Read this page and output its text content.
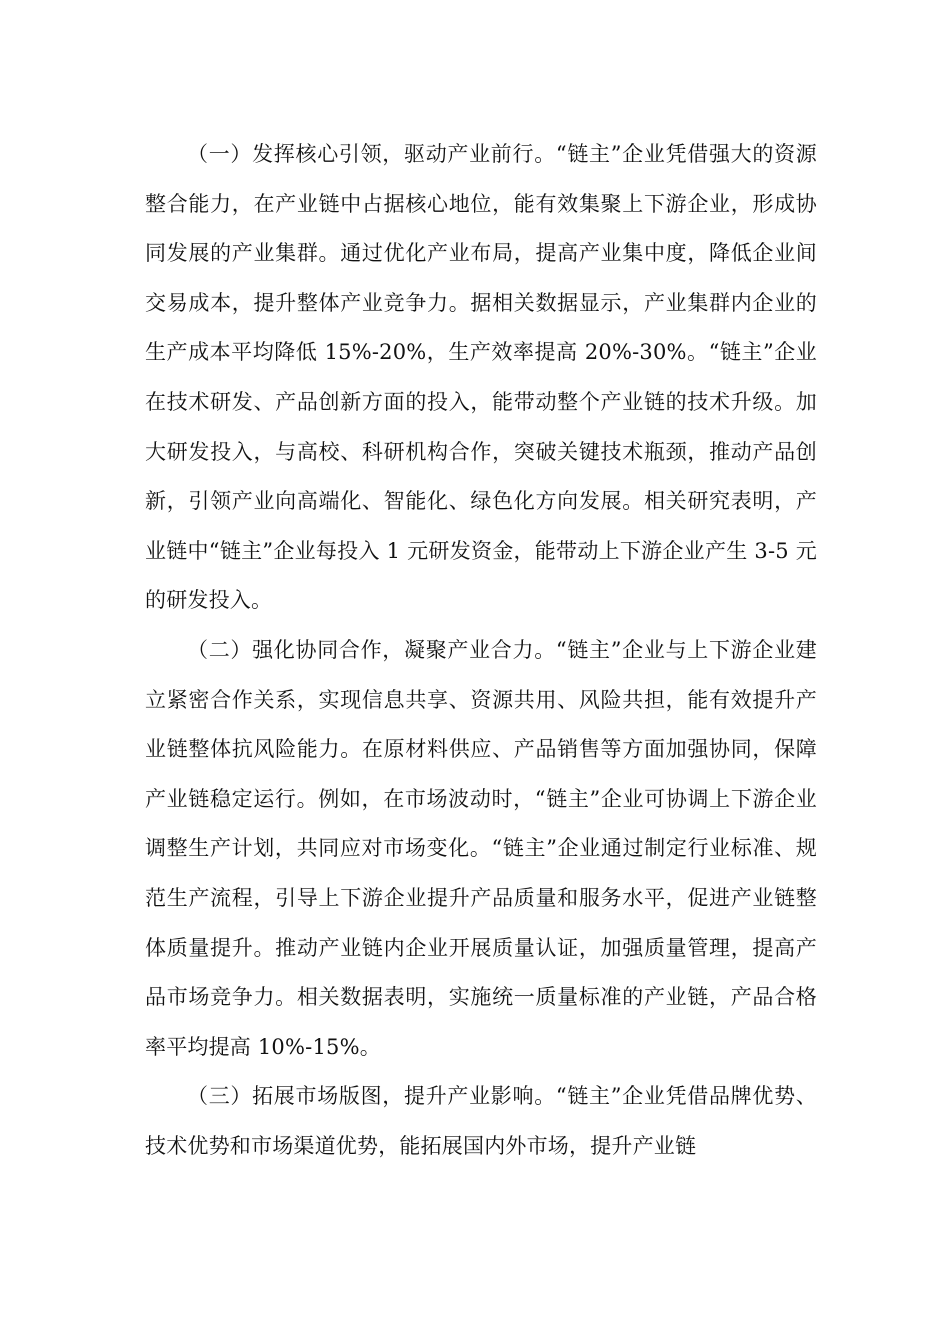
（一）发挥核心引领，驱动产业前行。“链主”企业凭借强大的资源整合能力，在产业链中占据核心地位，能有效集聚上下游企业，形成协同发展的产业集群。通过优化产业布局，提高产业集中度，降低企业间交易成本，提升整体产业竞争力。据相关数据显示，产业集群内企业的生产成本平均降低 15%-20%，生产效率提高 20%-30%。“链主”企业在技术研发、产品创新方面的投入，能带动整个产业链的技术升级。加大研发投入，与高校、科研机构合作，突破关键技术瓶颈，推动产品创新，引领产业向高端化、智能化、绿色化方向发展。相关研究表明，产业链中“链主”企业每投入 1 元研发资金，能带动上下游企业产生 3-5 元的研发投入。

（二）强化协同合作，凝聚产业合力。“链主”企业与上下游企业建立紧密合作关系，实现信息共享、资源共用、风险共担，能有效提升产业链整体抗风险能力。在原材料供应、产品销售等方面加强协同，保障产业链稳定运行。例如，在市场波动时，“链主”企业可协调上下游企业调整生产计划，共同应对市场变化。“链主”企业通过制定行业标准、规范生产流程，引导上下游企业提升产品质量和服务水平，促进产业链整体质量提升。推动产业链内企业开展质量认证，加强质量管理，提高产品市场竞争力。相关数据表明，实施统一质量标准的产业链，产品合格率平均提高 10%-15%。

（三）拓展市场版图，提升产业影响。“链主”企业凭借品牌优势、技术优势和市场渠道优势，能拓展国内外市场，提升产业链
